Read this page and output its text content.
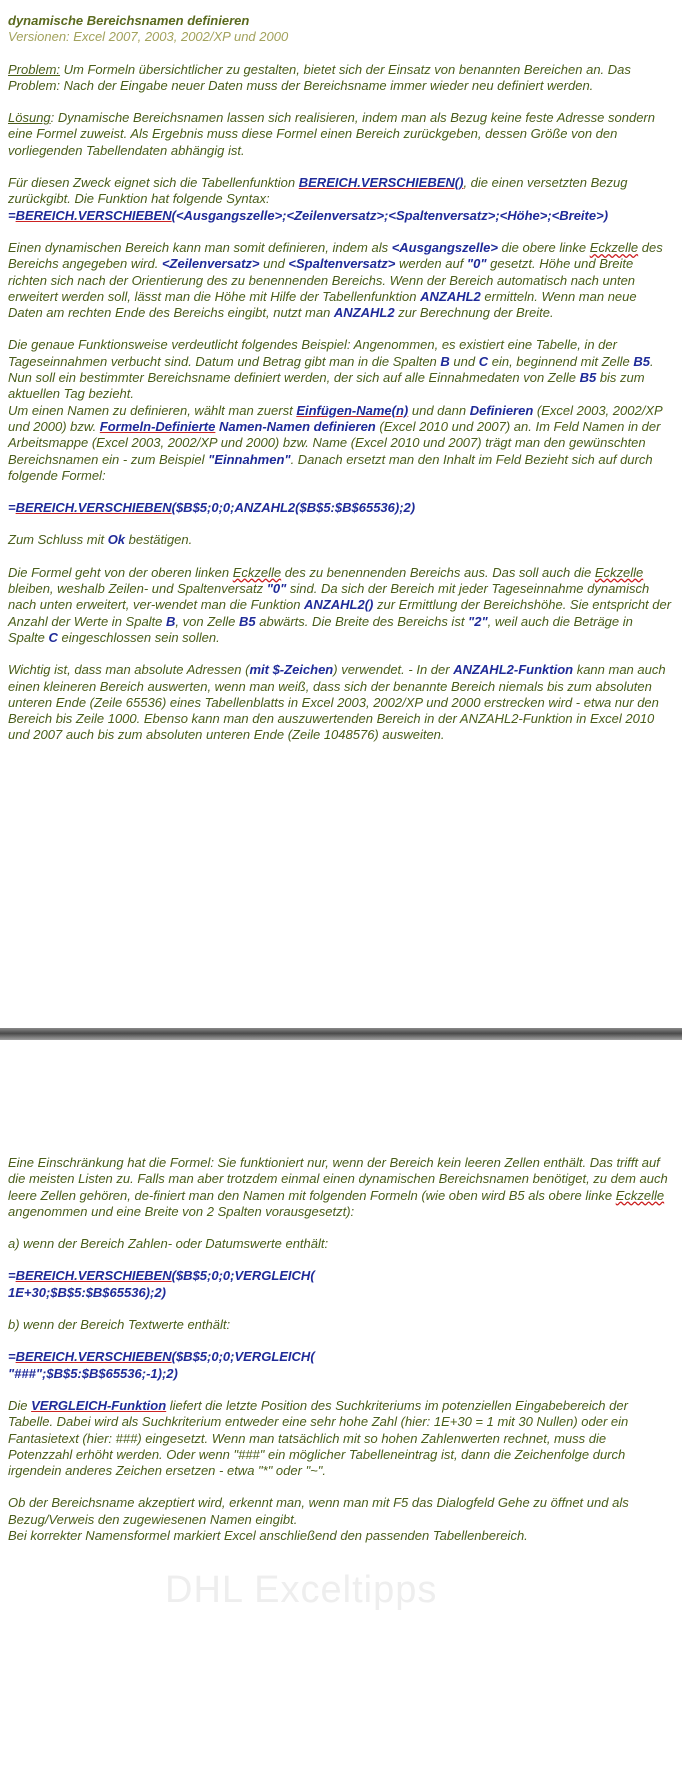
dynamische Bereichsnamen definieren

Versionen: Excel 2007, 2003, 2002/XP und 2000

Problem: Um Formeln übersichtlicher zu gestalten, bietet sich der Einsatz von benannten Bereichen an. Das Problem: Nach der Eingabe neuer Daten muss der Bereichsname immer wieder neu definiert werden.

Lösung: Dynamische Bereichsnamen lassen sich realisieren, indem man als Bezug keine feste Adresse sondern eine Formel zuweist. Als Ergebnis muss diese Formel einen Bereich zurückgeben, dessen Größe von den vorliegenden Tabellendaten abhängig ist.

Für diesen Zweck eignet sich die Tabellenfunktion BEREICH.VERSCHIEBEN(), die einen versetzten Bezug zurückgibt. Die Funktion hat folgende Syntax:
=BEREICH.VERSCHIEBEN(<Ausgangszelle>;<Zeilenversatz>;<Spaltenversatz>;<Höhe>;<Breite>)

Einen dynamischen Bereich kann man somit definieren, indem als <Ausgangszelle> die obere linke Eckzelle des Bereichs angegeben wird. <Zeilenversatz> und <Spaltenversatz> werden auf "0" gesetzt. Höhe und Breite richten sich nach der Orientierung des zu benennenden Bereichs. Wenn der Bereich automatisch nach unten erweitert werden soll, lässt man die Höhe mit Hilfe der Tabellenfunktion ANZAHL2 ermitteln. Wenn man neue Daten am rechten Ende des Bereichs eingibt, nutzt man ANZAHL2 zur Berechnung der Breite.

Die genaue Funktionsweise verdeutlicht folgendes Beispiel: Angenommen, es existiert eine Tabelle, in der Tageseinnahmen verbucht sind. Datum und Betrag gibt man in die Spalten B und C ein, beginnend mit Zelle B5. Nun soll ein bestimmter Bereichsname definiert werden, der sich auf alle Einnahmedaten von Zelle B5 bis zum aktuellen Tag bezieht.
Um einen Namen zu definieren, wählt man zuerst Einfügen-Name(n) und dann Definieren (Excel 2003, 2002/XP und 2000) bzw. Formeln-Definierte Namen-Namen definieren (Excel 2010 und 2007) an. Im Feld Namen in der Arbeitsmappe (Excel 2003, 2002/XP und 2000) bzw. Name (Excel 2010 und 2007) trägt man den gewünschten Bereichsnamen ein - zum Beispiel "Einnahmen". Danach ersetzt man den Inhalt im Feld Bezieht sich auf durch folgende Formel:

=BEREICH.VERSCHIEBEN($B$5;0;0;ANZAHL2($B$5:$B$65536);2)

Zum Schluss mit Ok bestätigen.

Die Formel geht von der oberen linken Eckzelle des zu benennenden Bereichs aus. Das soll auch die Eckzelle bleiben, weshalb Zeilen- und Spaltenversatz "0" sind. Da sich der Bereich mit jeder Tageseinnahme dynamisch nach unten erweitert, ver-wendet man die Funktion ANZAHL2() zur Ermittlung der Bereichshöhe. Sie entspricht der Anzahl der Werte in Spalte B, von Zelle B5 abwärts. Die Breite des Bereichs ist "2", weil auch die Beträge in Spalte C eingeschlossen sein sollen.

Wichtig ist, dass man absolute Adressen (mit $-Zeichen) verwendet. - In der ANZAHL2-Funktion kann man auch einen kleineren Bereich auswerten, wenn man weiß, dass sich der benannte Bereich niemals bis zum absoluten unteren Ende (Zeile 65536) eines Tabellenblatts in Excel 2003, 2002/XP und 2000 erstrecken wird - etwa nur den Bereich bis Zeile 1000. Ebenso kann man den auszuwertenden Bereich in der ANZAHL2-Funktion in Excel 2010 und 2007 auch bis zum absoluten unteren Ende (Zeile 1048576) ausweiten.

DHL Exceltipps

Eine Einschränkung hat die Formel: Sie funktioniert nur, wenn der Bereich kein leeren Zellen enthält. Das trifft auf die meisten Listen zu. Falls man aber trotzdem einmal einen dynamischen Bereichsnamen benötiget, zu dem auch leere Zellen gehören, de-finiert man den Namen mit folgenden Formeln (wie oben wird B5 als obere linke Eckzelle angenommen und eine Breite von 2 Spalten vorausgesetzt):

a) wenn der Bereich Zahlen- oder Datumswerte enthält:

=BEREICH.VERSCHIEBEN($B$5;0;0;VERGLEICH(
1E+30;$B$5:$B$65536);2)

b) wenn der Bereich Textwerte enthält:

=BEREICH.VERSCHIEBEN($B$5;0;0;VERGLEICH(
"###";$B$5:$B$65536;-1);2)

Die VERGLEICH-Funktion liefert die letzte Position des Suchkriteriums im potenziellen Eingabebereich der Tabelle. Dabei wird als Suchkriterium entweder eine sehr hohe Zahl (hier: 1E+30 = 1 mit 30 Nullen) oder ein Fantasietext (hier: ###) eingesetzt. Wenn man tatsächlich mit so hohen Zahlenwerten rechnet, muss die Potenzzahl erhöht werden. Oder wenn "###" ein möglicher Tabelleneintrag ist, dann die Zeichenfolge durch irgendein anderes Zeichen ersetzen - etwa "*" oder "~".

Ob der Bereichsname akzeptiert wird, erkennt man, wenn man mit F5 das Dialogfeld Gehe zu öffnet und als Bezug/Verweis den zugewiesenen Namen eingibt.
Bei korrekter Namensformel markiert Excel anschließend den passenden Tabellenbereich.
